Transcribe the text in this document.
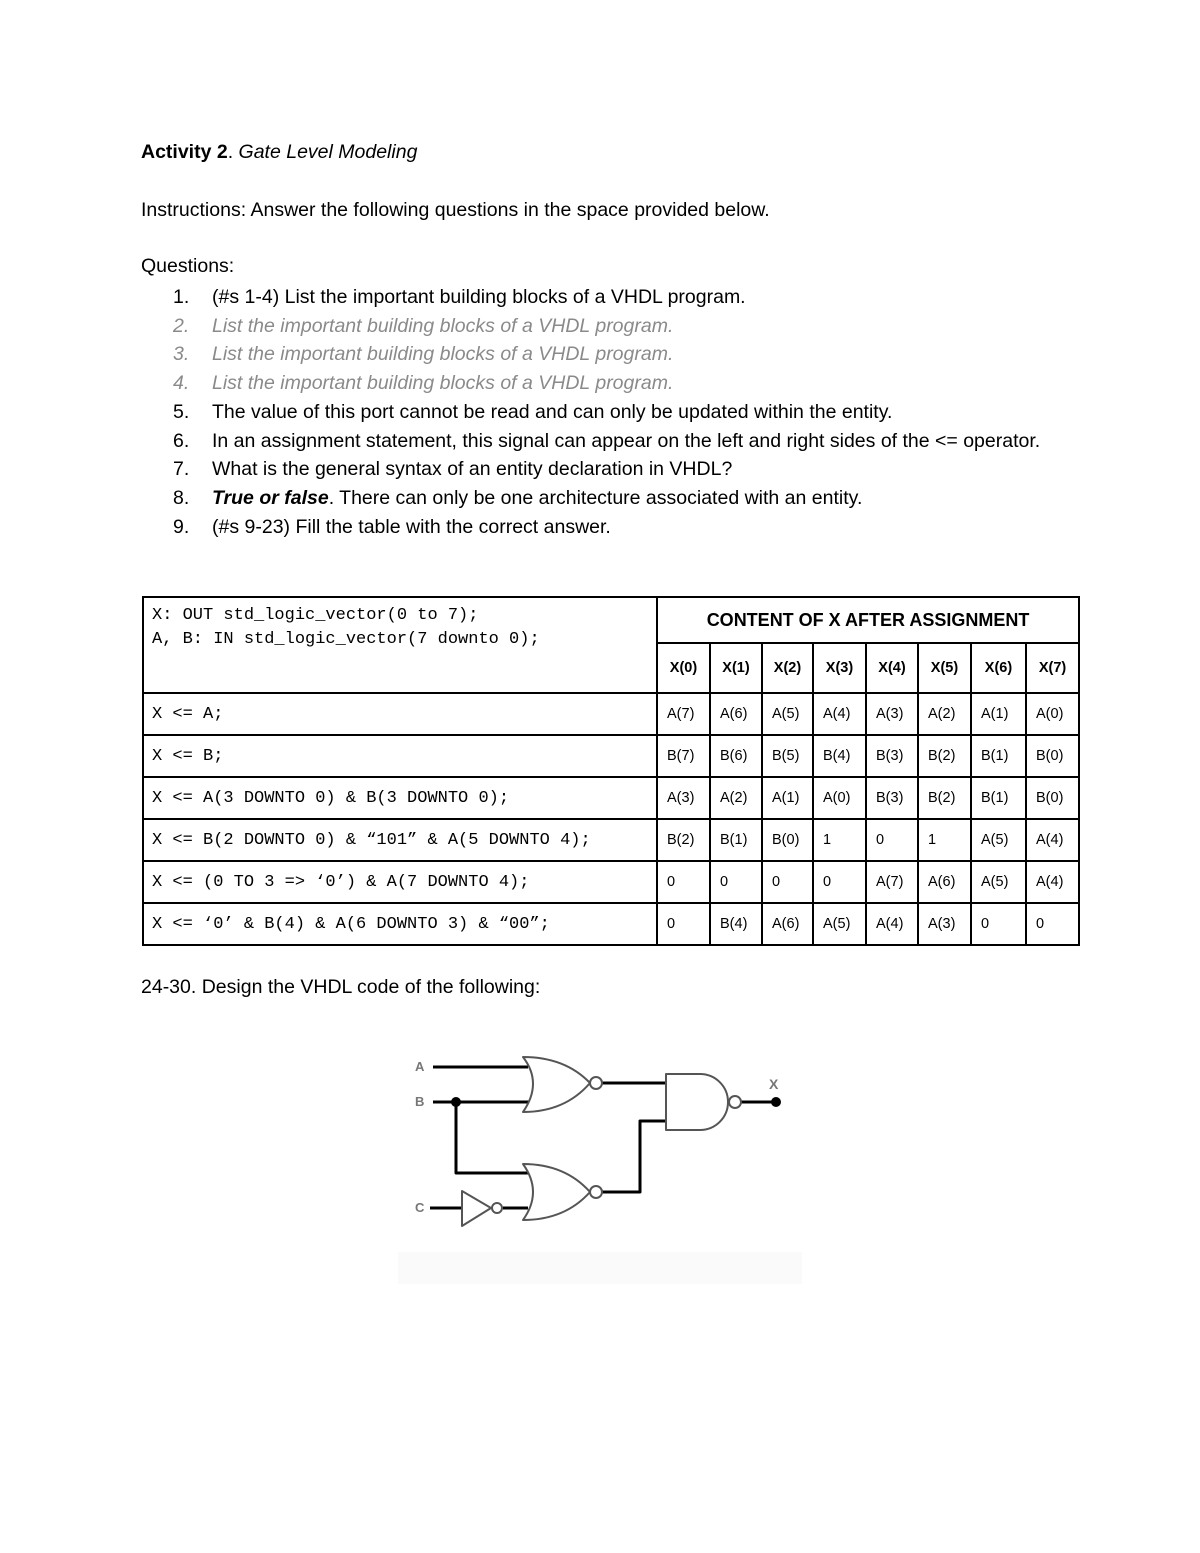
Activity 2. Gate Level Modeling

Instructions: Answer the following questions in the space provided below.

Questions:

1. (#s 1-4) List the important building blocks of a VHDL program.
2. List the important building blocks of a VHDL program.
3. List the important building blocks of a VHDL program.
4. List the important building blocks of a VHDL program.
5. The value of this port cannot be read and can only be updated within the entity.
6. In an assignment statement, this signal can appear on the left and right sides of the <= operator.
7. What is the general syntax of an entity declaration in VHDL?
8. True or false. There can only be one architecture associated with an entity.
9. (#s 9-23) Fill the table with the correct answer.
X: OUT std_logic_vector(0 to 7);
A, B: IN std_logic_vector(7 downto 0);	CONTENT OF X AFTER ASSIGNMENT							
	X(0)	X(1)	X(2)	X(3)	X(4)	X(5)	X(6)	X(7)
X <= A;	A(7)	A(6)	A(5)	A(4)	A(3)	A(2)	A(1)	A(0)
X <= B;	B(7)	B(6)	B(5)	B(4)	B(3)	B(2)	B(1)	B(0)
X <= A(3 DOWNTO 0) & B(3 DOWNTO 0);	A(3)	A(2)	A(1)	A(0)	B(3)	B(2)	B(1)	B(0)
X <= B(2 DOWNTO 0) & “101” & A(5 DOWNTO 4);	B(2)	B(1)	B(0)	1	0	1	A(5)	A(4)
X <= (0 TO 3 => ‘0’) & A(7 DOWNTO 4);	0	0	0	0	A(7)	A(6)	A(5)	A(4)
X <= ‘0’ & B(4) & A(6 DOWNTO 3) & “00”;	0	B(4)	A(6)	A(5)	A(4)	A(3)	0	0

24-30. Design the VHDL code of the following:

A
B
C
X
